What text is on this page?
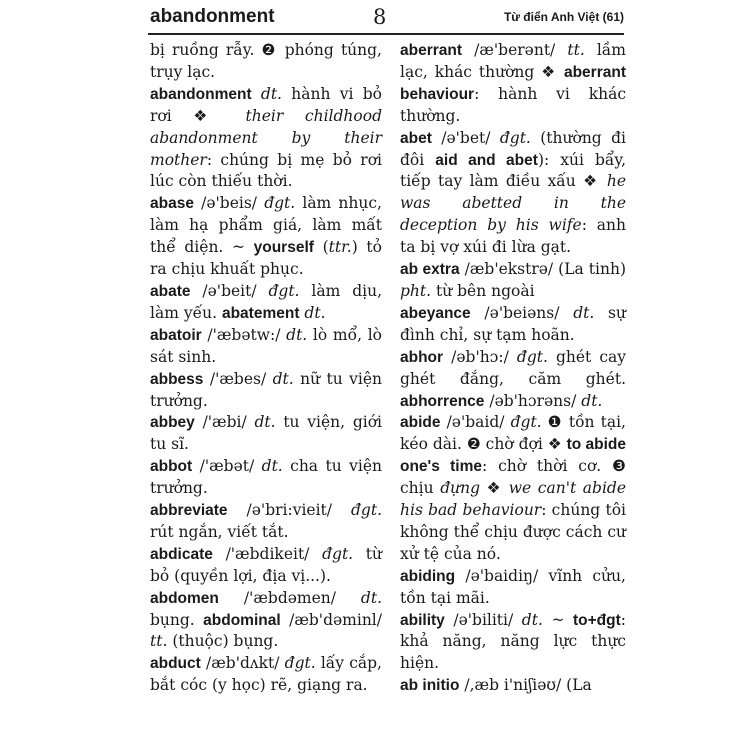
abandonment	8	Từ điển Anh Việt (61)

bị ruồng rẫy. ❷ phóng túng, trụy lạc.

abandonment dt. hành vi bỏ rơi ❖ their childhood abandonment by their mother: chúng bị mẹ bỏ rơi lúc còn thiếu thời.

abase /ə'beis/ đgt. làm nhục, làm hạ phẩm giá, làm mất thể diện. ~ yourself (ttr.) tỏ ra chịu khuất phục.

abate /ə'beit/ đgt. làm dịu, làm yếu. abatement dt.

abatoir /'æbətw:/ dt. lò mổ, lò sát sinh.

abbess /'æbes/ dt. nữ tu viện trưởng.

abbey /'æbi/ dt. tu viện, giới tu sĩ.

abbot /'æbət/ dt. cha tu viện trưởng.

abbreviate /ə'bri:vieit/ đgt. rút ngắn, viết tắt.

abdicate /'æbdikeit/ đgt. từ bỏ (quyền lợi, địa vị...).

abdomen /'æbdəmen/ dt. bụng. abdominal /æb'dəminl/ tt. (thuộc) bụng.

abduct /æb'dʌkt/ đgt. lấy cắp, bắt cóc (y học) rẽ, giạng ra.

aberrant /æ'berənt/ tt. lầm lạc, khác thường ❖ aberrant behaviour: hành vi khác thường.

abet /ə'bet/ đgt. (thường đi đôi aid and abet): xúi bẩy, tiếp tay làm điều xấu ❖ he was abetted in the deception by his wife: anh ta bị vợ xúi đi lừa gạt.

ab extra /æb'ekstrə/ (La tinh) pht. từ bên ngoài

abeyance /ə'beiəns/ dt. sự đình chỉ, sự tạm hoãn.

abhor /əb'hɔ:/ đgt. ghét cay ghét đắng, căm ghét. abhorrence /əb'hɔrəns/ dt.

abide /ə'baid/ đgt. ❶ tồn tại, kéo dài. ❷ chờ đợi ❖ to abide one's time: chờ thời cơ. ❸ chịu đựng ❖ we can't abide his bad behaviour: chúng tôi không thể chịu được cách cư xử tệ của nó.

abiding /ə'baidiŋ/ vĩnh cửu, tồn tại mãi.

ability /ə'biliti/ dt. ~ to+đgt: khả năng, năng lực thực hiện.

ab initio /,æb i'niʃiəʊ/ (La
